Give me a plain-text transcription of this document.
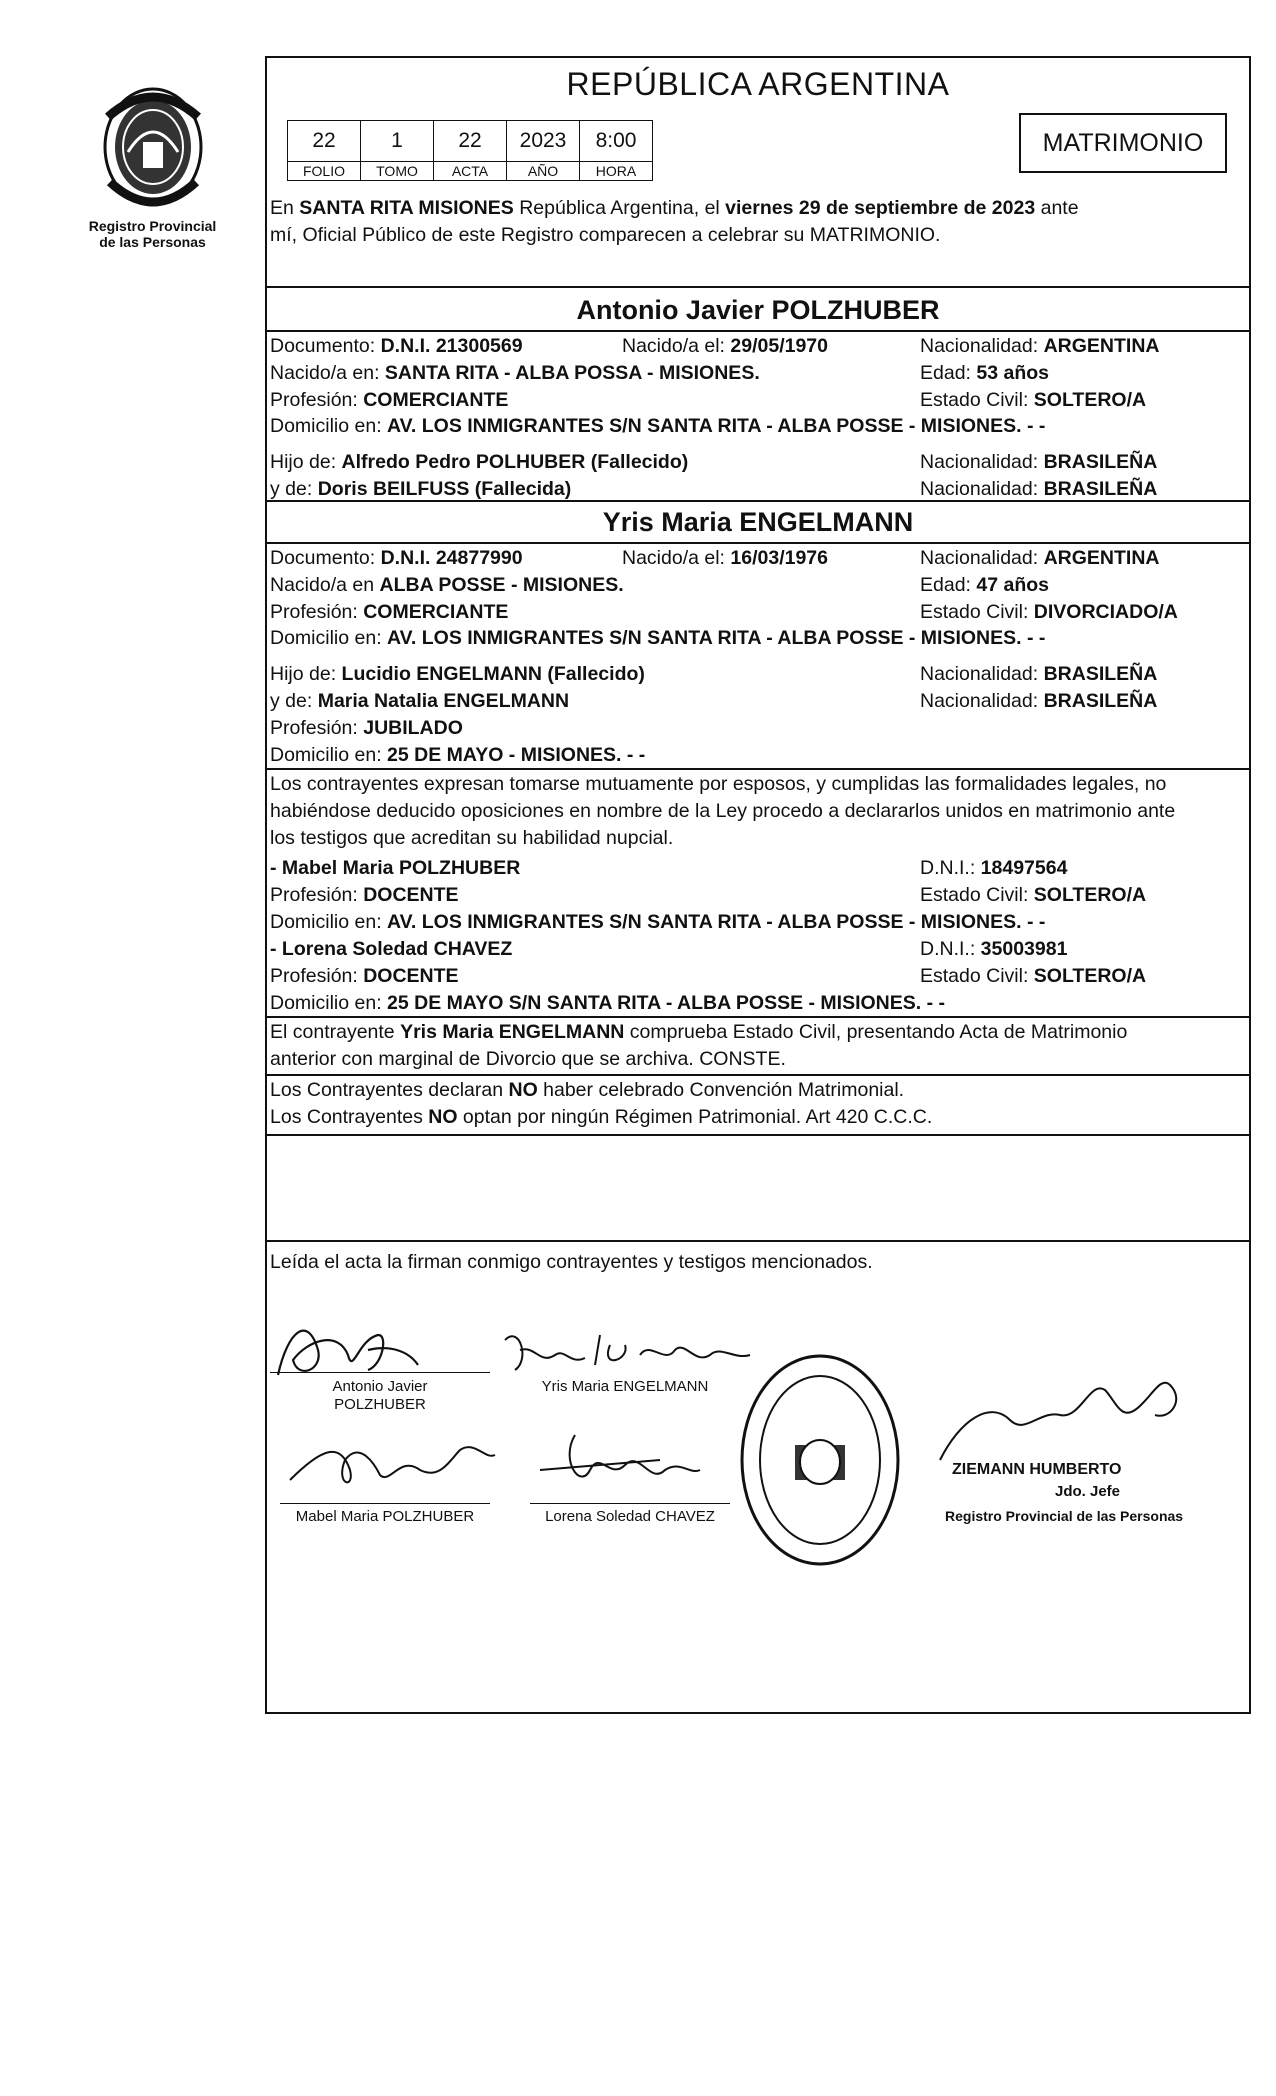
Registro Provincial
de las Personas
REPÚBLICA ARGENTINA
22	1	22	2023	8:00
FOLIO	TOMO	ACTA	AÑO	HORA
MATRIMONIO
En SANTA RITA MISIONES República Argentina, el viernes 29 de septiembre de 2023 ante
mí, Oficial Público de este Registro comparecen a celebrar su MATRIMONIO.
Antonio Javier POLZHUBER
Documento: D.N.I. 21300569	Nacido/a el: 29/05/1970	Nacionalidad: ARGENTINA
Nacido/a en: SANTA RITA - ALBA POSSA - MISIONES.	Edad: 53 años
Profesión: COMERCIANTE	Estado Civil: SOLTERO/A
Domicilio en: AV. LOS INMIGRANTES S/N SANTA RITA - ALBA POSSE - MISIONES. - -
Hijo de: Alfredo Pedro POLHUBER (Fallecido)	Nacionalidad: BRASILEÑA
y de: Doris BEILFUSS (Fallecida)	Nacionalidad: BRASILEÑA
Yris Maria ENGELMANN
Documento: D.N.I. 24877990	Nacido/a el: 16/03/1976	Nacionalidad: ARGENTINA
Nacido/a en ALBA POSSE - MISIONES.	Edad: 47 años
Profesión: COMERCIANTE	Estado Civil: DIVORCIADO/A
Domicilio en: AV. LOS INMIGRANTES S/N SANTA RITA - ALBA POSSE - MISIONES. - -
Hijo de: Lucidio ENGELMANN (Fallecido)	Nacionalidad: BRASILEÑA
y de: Maria Natalia ENGELMANN	Nacionalidad: BRASILEÑA
Profesión: JUBILADO
Domicilio en: 25 DE MAYO - MISIONES. - -
Los contrayentes expresan tomarse mutuamente por esposos, y cumplidas las formalidades legales, no
habiéndose deducido oposiciones en nombre de la Ley procedo a declararlos unidos en matrimonio ante
los testigos que acreditan su habilidad nupcial.
- Mabel Maria POLZHUBER	D.N.I.: 18497564
Profesión: DOCENTE	Estado Civil: SOLTERO/A
Domicilio en: AV. LOS INMIGRANTES S/N SANTA RITA - ALBA POSSE - MISIONES. - -
- Lorena Soledad CHAVEZ	D.N.I.: 35003981
Profesión: DOCENTE	Estado Civil: SOLTERO/A
Domicilio en: 25 DE MAYO S/N SANTA RITA - ALBA POSSE - MISIONES. - -
El contrayente Yris Maria ENGELMANN comprueba Estado Civil, presentando Acta de Matrimonio
anterior con marginal de Divorcio que se archiva. CONSTE.
Los Contrayentes declaran NO haber celebrado Convención Matrimonial.
Los Contrayentes NO optan por ningún Régimen Patrimonial. Art 420 C.C.C.
Leída el acta la firman conmigo contrayentes y testigos mencionados.
Antonio Javier
POLZHUBER
Yris Maria ENGELMANN
Mabel Maria POLZHUBER	Lorena Soledad CHAVEZ
ZIEMANN HUMBERTO
Jdo. Jefe
Registro Provincial de las Personas
